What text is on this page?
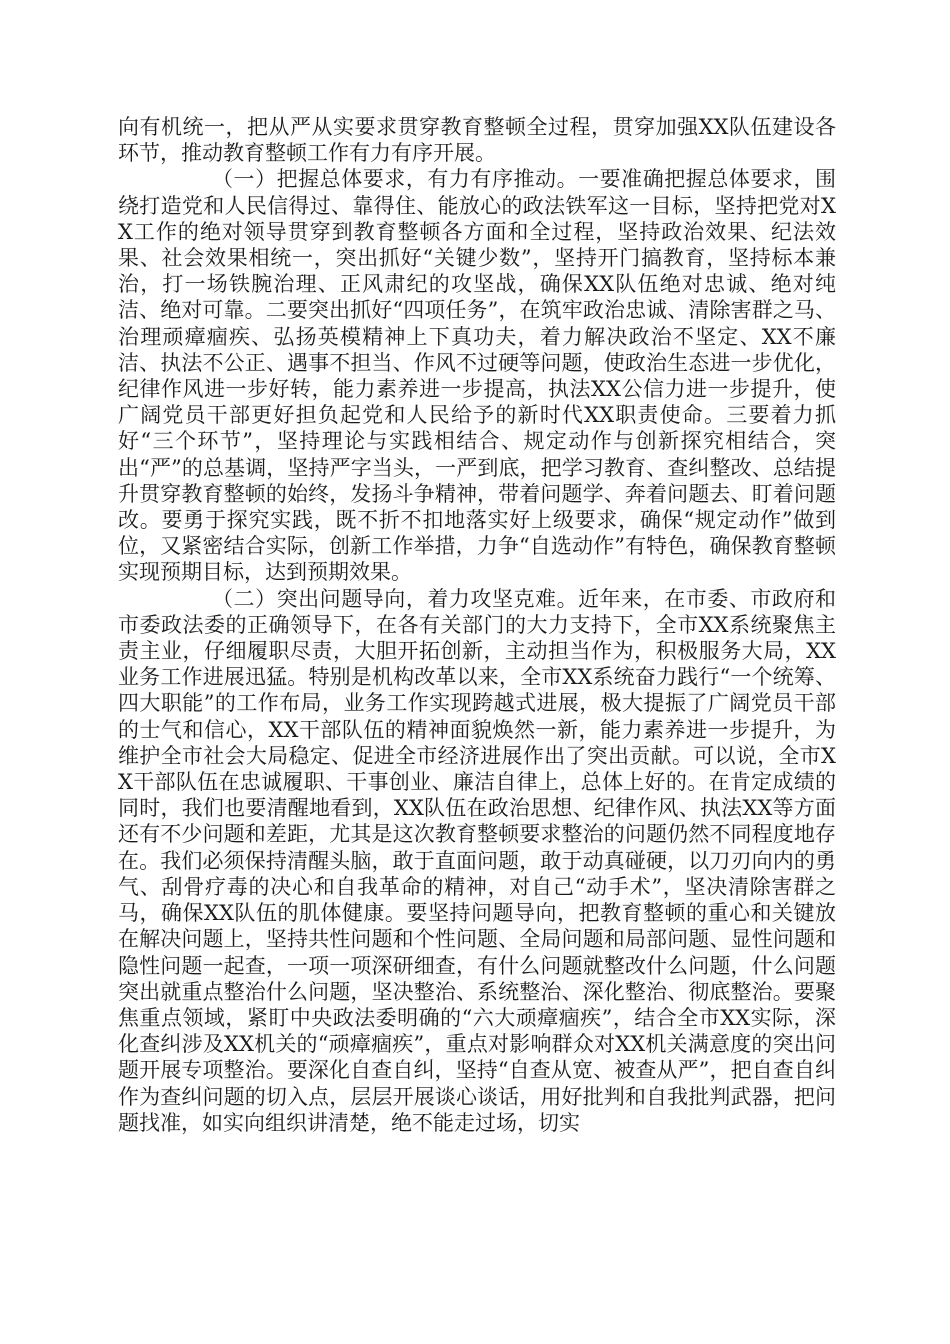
向有机统一，把从严从实要求贯穿教育整顿全过程，贯穿加强XX队伍建设各环节，推动教育整顿工作有力有序开展。

（一）把握总体要求，有力有序推动。一要准确把握总体要求，围绕打造党和人民信得过、靠得住、能放心的政法铁军这一目标，坚持把党对XX工作的绝对领导贯穿到教育整顿各方面和全过程，坚持政治效果、纪法效果、社会效果相统一，突出抓好“关键少数”，坚持开门搞教育，坚持标本兼治，打一场铁腕治理、正风肃纪的攻坚战，确保XX队伍绝对忠诚、绝对纯洁、绝对可靠。二要突出抓好“四项任务”，在筑牢政治忠诚、清除害群之马、治理顽瘴痼疾、弘扬英模精神上下真功夫，着力解决政治不坚定、XX不廉洁、执法不公正、遇事不担当、作风不过硬等问题，使政治生态进一步优化，纪律作风进一步好转，能力素养进一步提高，执法XX公信力进一步提升，使广阔党员干部更好担负起党和人民给予的新时代XX职责使命。三要着力抓好“三个环节”，坚持理论与实践相结合、规定动作与创新探究相结合，突出“严”的总基调，坚持严字当头，一严到底，把学习教育、查纠整改、总结提升贯穿教育整顿的始终，发扬斗争精神，带着问题学、奔着问题去、盯着问题改。要勇于探究实践，既不折不扣地落实好上级要求，确保“规定动作”做到位，又紧密结合实际，创新工作举措，力争“自选动作”有特色，确保教育整顿实现预期目标，达到预期效果。

（二）突出问题导向，着力攻坚克难。近年来，在市委、市政府和市委政法委的正确领导下，在各有关部门的大力支持下，全市XX系统聚焦主责主业，仔细履职尽责，大胆开拓创新，主动担当作为，积极服务大局，XX业务工作进展迅猛。特别是机构改革以来，全市XX系统奋力践行“一个统筹、四大职能”的工作布局，业务工作实现跨越式进展，极大提振了广阔党员干部的士气和信心，XX干部队伍的精神面貌焕然一新，能力素养进一步提升，为维护全市社会大局稳定、促进全市经济进展作出了突出贡献。可以说，全市XX干部队伍在忠诚履职、干事创业、廉洁自律上，总体上好的。在肯定成绩的同时，我们也要清醒地看到，XX队伍在政治思想、纪律作风、执法XX等方面还有不少问题和差距，尤其是这次教育整顿要求整治的问题仍然不同程度地存在。我们必须保持清醒头脑，敢于直面问题，敢于动真碰硬，以刀刃向内的勇气、刮骨疗毒的决心和自我革命的精神，对自己“动手术”，坚决清除害群之马，确保XX队伍的肌体健康。要坚持问题导向，把教育整顿的重心和关键放在解决问题上，坚持共性问题和个性问题、全局问题和局部问题、显性问题和隐性问题一起查，一项一项深研细查，有什么问题就整改什么问题，什么问题突出就重点整治什么问题，坚决整治、系统整治、深化整治、彻底整治。要聚焦重点领域，紧盯中央政法委明确的“六大顽瘴痼疾”，结合全市XX实际，深化查纠涉及XX机关的“顽瘴痼疾”，重点对影响群众对XX机关满意度的突出问题开展专项整治。要深化自查自纠，坚持“自查从宽、被查从严”，把自查自纠作为查纠问题的切入点，层层开展谈心谈话，用好批判和自我批判武器，把问题找准，如实向组织讲清楚，绝不能走过场，切实
